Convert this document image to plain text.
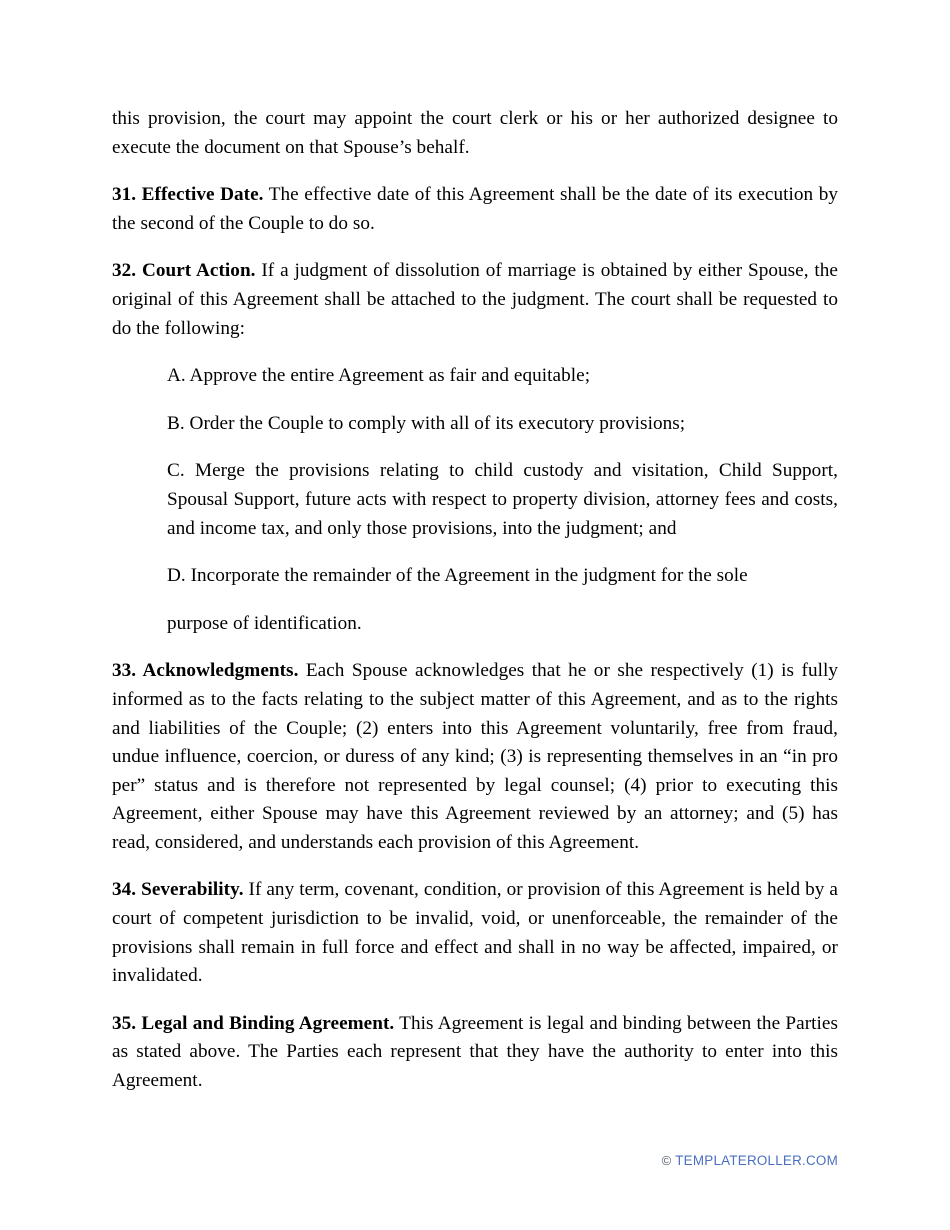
this provision, the court may appoint the court clerk or his or her authorized designee to execute the document on that Spouse’s behalf.

31. Effective Date. The effective date of this Agreement shall be the date of its execution by the second of the Couple to do so.

32. Court Action. If a judgment of dissolution of marriage is obtained by either Spouse, the original of this Agreement shall be attached to the judgment. The court shall be requested to do the following:

A. Approve the entire Agreement as fair and equitable;

B. Order the Couple to comply with all of its executory provisions;

C. Merge the provisions relating to child custody and visitation, Child Support, Spousal Support, future acts with respect to property division, attorney fees and costs, and income tax, and only those provisions, into the judgment; and

D. Incorporate the remainder of the Agreement in the judgment for the sole

purpose of identification.

33. Acknowledgments. Each Spouse acknowledges that he or she respectively (1) is fully informed as to the facts relating to the subject matter of this Agreement, and as to the rights and liabilities of the Couple; (2) enters into this Agreement voluntarily, free from fraud, undue influence, coercion, or duress of any kind; (3) is representing themselves in an “in pro per” status and is therefore not represented by legal counsel; (4) prior to executing this Agreement, either Spouse may have this Agreement reviewed by an attorney; and (5) has read, considered, and understands each provision of this Agreement.

34. Severability. If any term, covenant, condition, or provision of this Agreement is held by a court of competent jurisdiction to be invalid, void, or unenforceable, the remainder of the provisions shall remain in full force and effect and shall in no way be affected, impaired, or invalidated.

35. Legal and Binding Agreement. This Agreement is legal and binding between the Parties as stated above. The Parties each represent that they have the authority to enter into this Agreement.

© TEMPLATEROLLER.COM
